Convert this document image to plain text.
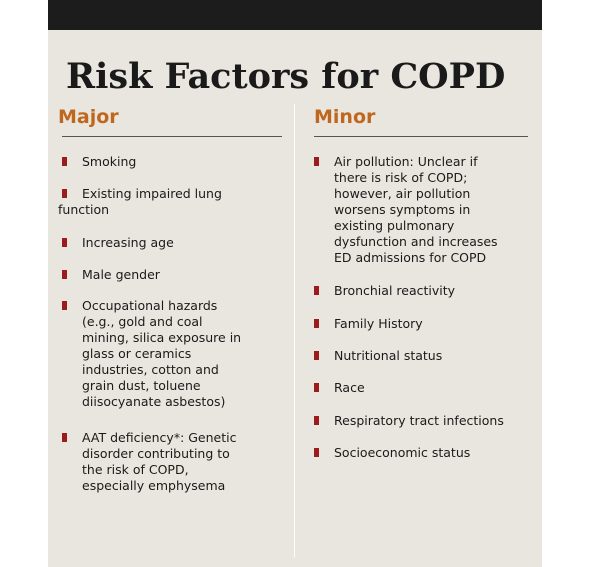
Risk Factors for COPD
Major
Smoking
Existing impaired lung function
Increasing age
Male gender
Occupational hazards (e.g., gold and coal mining, silica exposure in glass or ceramics industries, cotton and grain dust, toluene diisocyanate asbestos)
AAT deficiency*: Genetic disorder contributing to the risk of COPD, especially emphysema
Minor
Air pollution: Unclear if there is risk of COPD; however, air pollution worsens symptoms in existing pulmonary dysfunction and increases ED admissions for COPD
Bronchial reactivity
Family History
Nutritional status
Race
Respiratory tract infections
Socioeconomic status
